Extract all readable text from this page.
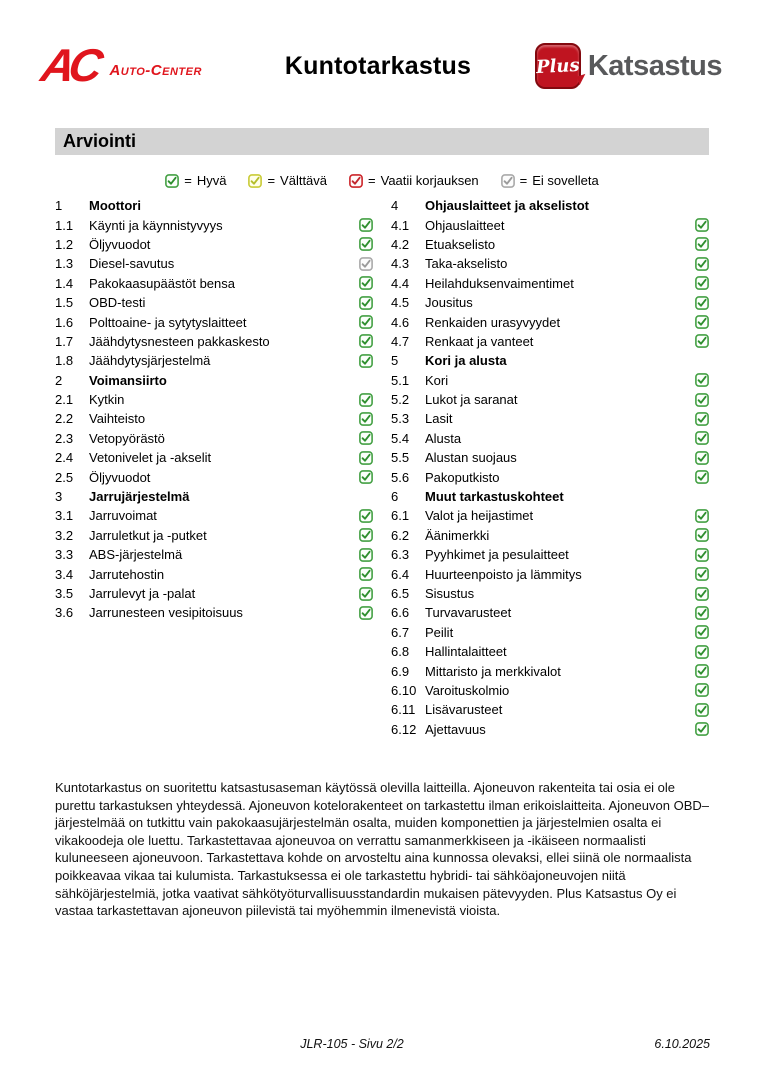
AC Auto-Center	Kuntotarkastus	Plus Katsastus
Arviointi
= Hyvä	= Välttävä	= Vaatii korjauksen	= Ei sovelleta
1	Moottori
1.1	Käynti ja käynnistyvyys
1.2	Öljyvuodot
1.3	Diesel-savutus
1.4	Pakokaasupäästöt bensa
1.5	OBD-testi
1.6	Polttoaine- ja sytytyslaitteet
1.7	Jäähdytysnesteen pakkaskesto
1.8	Jäähdytysjärjestelmä
2	Voimansiirto
2.1	Kytkin
2.2	Vaihteisto
2.3	Vetopyörästö
2.4	Vetonivelet ja -akselit
2.5	Öljyvuodot
3	Jarrujärjestelmä
3.1	Jarruvoimat
3.2	Jarruletkut ja -putket
3.3	ABS-järjestelmä
3.4	Jarrutehostin
3.5	Jarrulevyt ja -palat
3.6	Jarrunesteen vesipitoisuus
4	Ohjauslaitteet ja akselistot
4.1	Ohjauslaitteet
4.2	Etuakselisto
4.3	Taka-akselisto
4.4	Heilahduksenvaimentimet
4.5	Jousitus
4.6	Renkaiden urasyvyydet
4.7	Renkaat ja vanteet
5	Kori ja alusta
5.1	Kori
5.2	Lukot ja saranat
5.3	Lasit
5.4	Alusta
5.5	Alustan suojaus
5.6	Pakoputkisto
6	Muut tarkastuskohteet
6.1	Valot ja heijastimet
6.2	Äänimerkki
6.3	Pyyhkimet ja pesulaitteet
6.4	Huurteenpoisto ja lämmitys
6.5	Sisustus
6.6	Turvavarusteet
6.7	Peilit
6.8	Hallintalaitteet
6.9	Mittaristo ja merkkivalot
6.10 Varoituskolmio
6.11 Lisävarusteet
6.12 Ajettavuus
Kuntotarkastus on suoritettu katsastusaseman käytössä olevilla laitteilla. Ajoneuvon rakenteita tai osia ei ole purettu tarkastuksen yhteydessä. Ajoneuvon kotelorakenteet on tarkastettu ilman erikoislaitteita. Ajoneuvon OBD–järjestelmää on tutkittu vain pakokaasujärjestelmän osalta, muiden komponettien ja järjestelmien osalta ei vikakoodeja ole luettu. Tarkastettavaa ajoneuvoa on verrattu samanmerkkiseen ja -ikäiseen normaalisti kuluneeseen ajoneuvoon. Tarkastettava kohde on arvosteltu aina kunnossa olevaksi, ellei siinä ole normaalista poikkeavaa vikaa tai kulumista. Tarkastuksessa ei ole tarkastettu hybridi- tai sähköajoneuvojen niitä sähköjärjestelmiä, jotka vaativat sähkötyöturvallisuusstandardin mukaisen pätevyyden. Plus Katsastus Oy ei vastaa tarkastettavan ajoneuvon piilevistä tai myöhemmin ilmenevistä vioista.
JLR-105 - Sivu 2/2	6.10.2025
